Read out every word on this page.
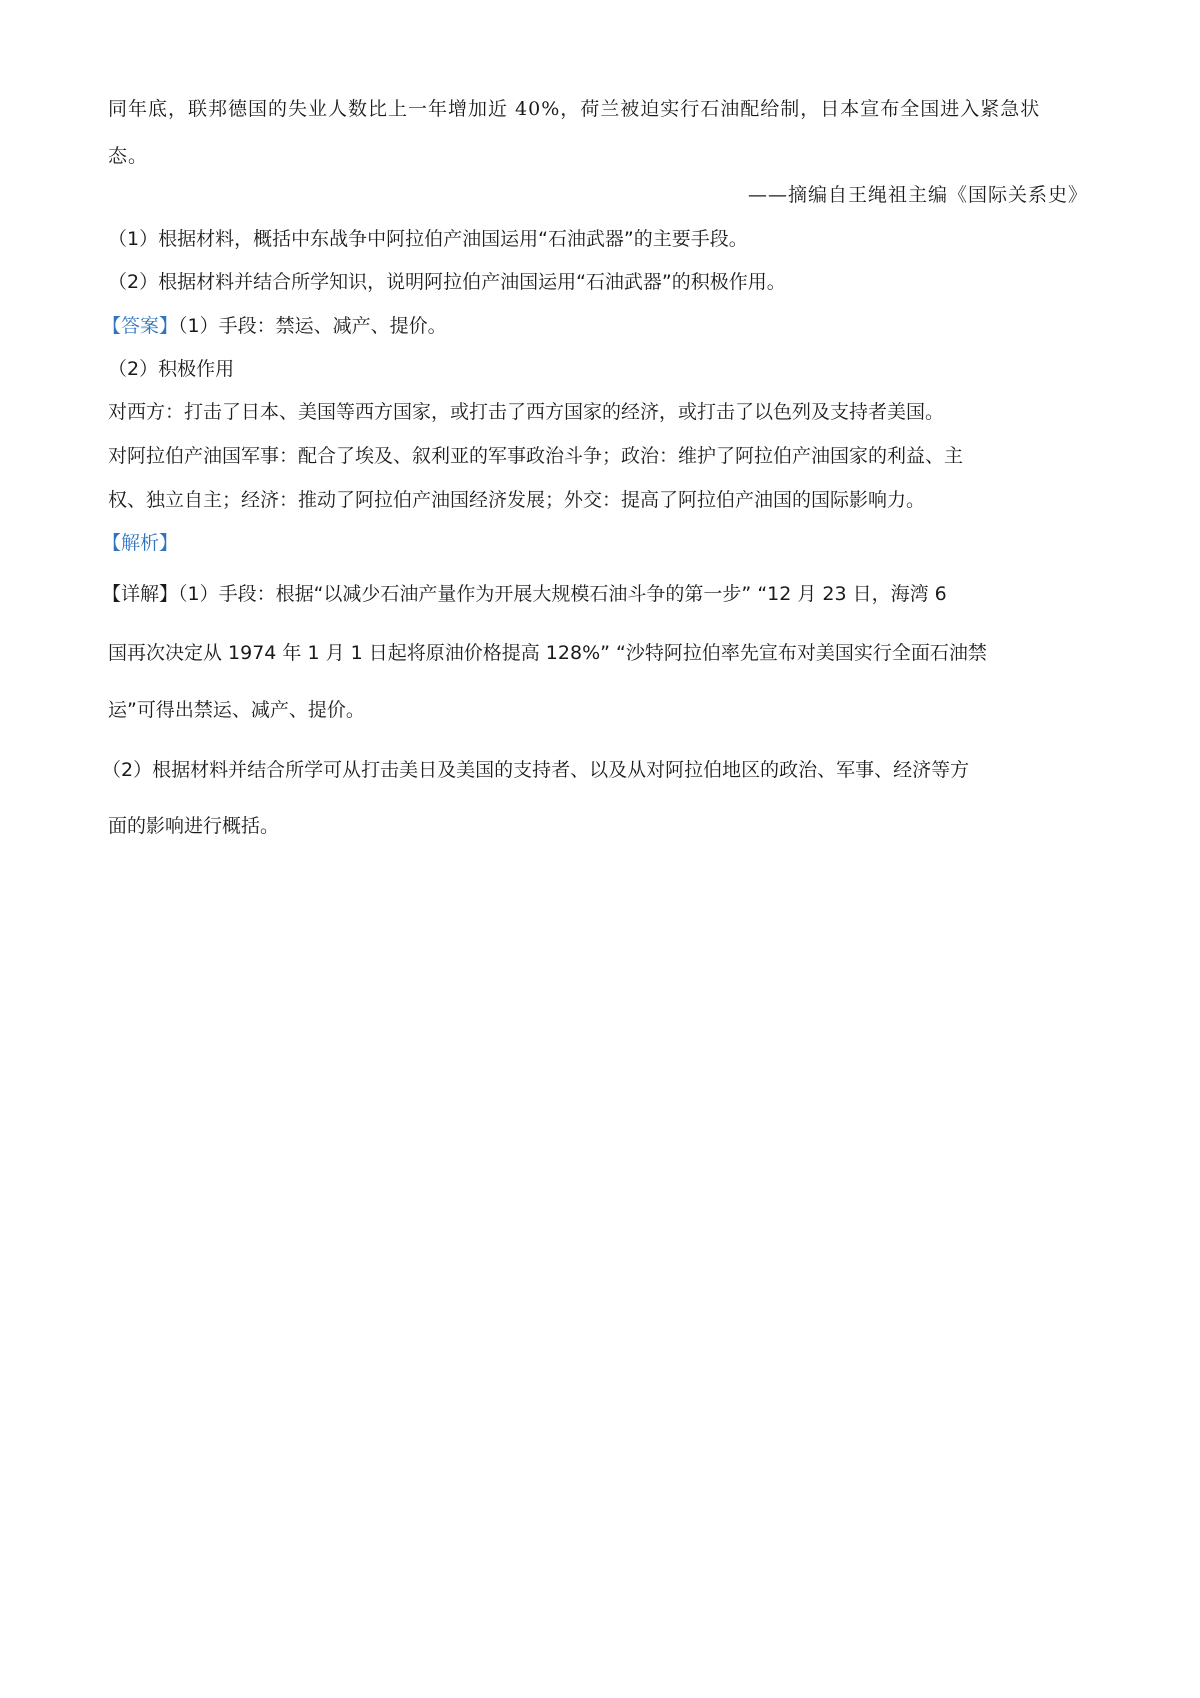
同年底，联邦德国的失业人数比上一年增加近 40%，荷兰被迫实行石油配给制，日本宣布全国进入紧急状
态。
——摘编自王绳祖主编《国际关系史》
（1）根据材料，概括中东战争中阿拉伯产油国运用“石油武器”的主要手段。
（2）根据材料并结合所学知识，说明阿拉伯产油国运用“石油武器”的积极作用。
【答案】（1）手段：禁运、减产、提价。
（2）积极作用
对西方：打击了日本、美国等西方国家，或打击了西方国家的经济，或打击了以色列及支持者美国。
对阿拉伯产油国军事：配合了埃及、叙利亚的军事政治斗争；政治：维护了阿拉伯产油国家的利益、主
权、独立自主；经济：推动了阿拉伯产油国经济发展；外交：提高了阿拉伯产油国的国际影响力。
【解析】
【详解】（1）手段：根据“以减少石油产量作为开展大规模石油斗争的第一步” “12 月 23 日，海湾 6
国再次决定从 1974 年 1 月 1 日起将原油价格提高 128%” “沙特阿拉伯率先宣布对美国实行全面石油禁
运”可得出禁运、减产、提价。
（2）根据材料并结合所学可从打击美日及美国的支持者、以及从对阿拉伯地区的政治、军事、经济等方
面的影响进行概括。
